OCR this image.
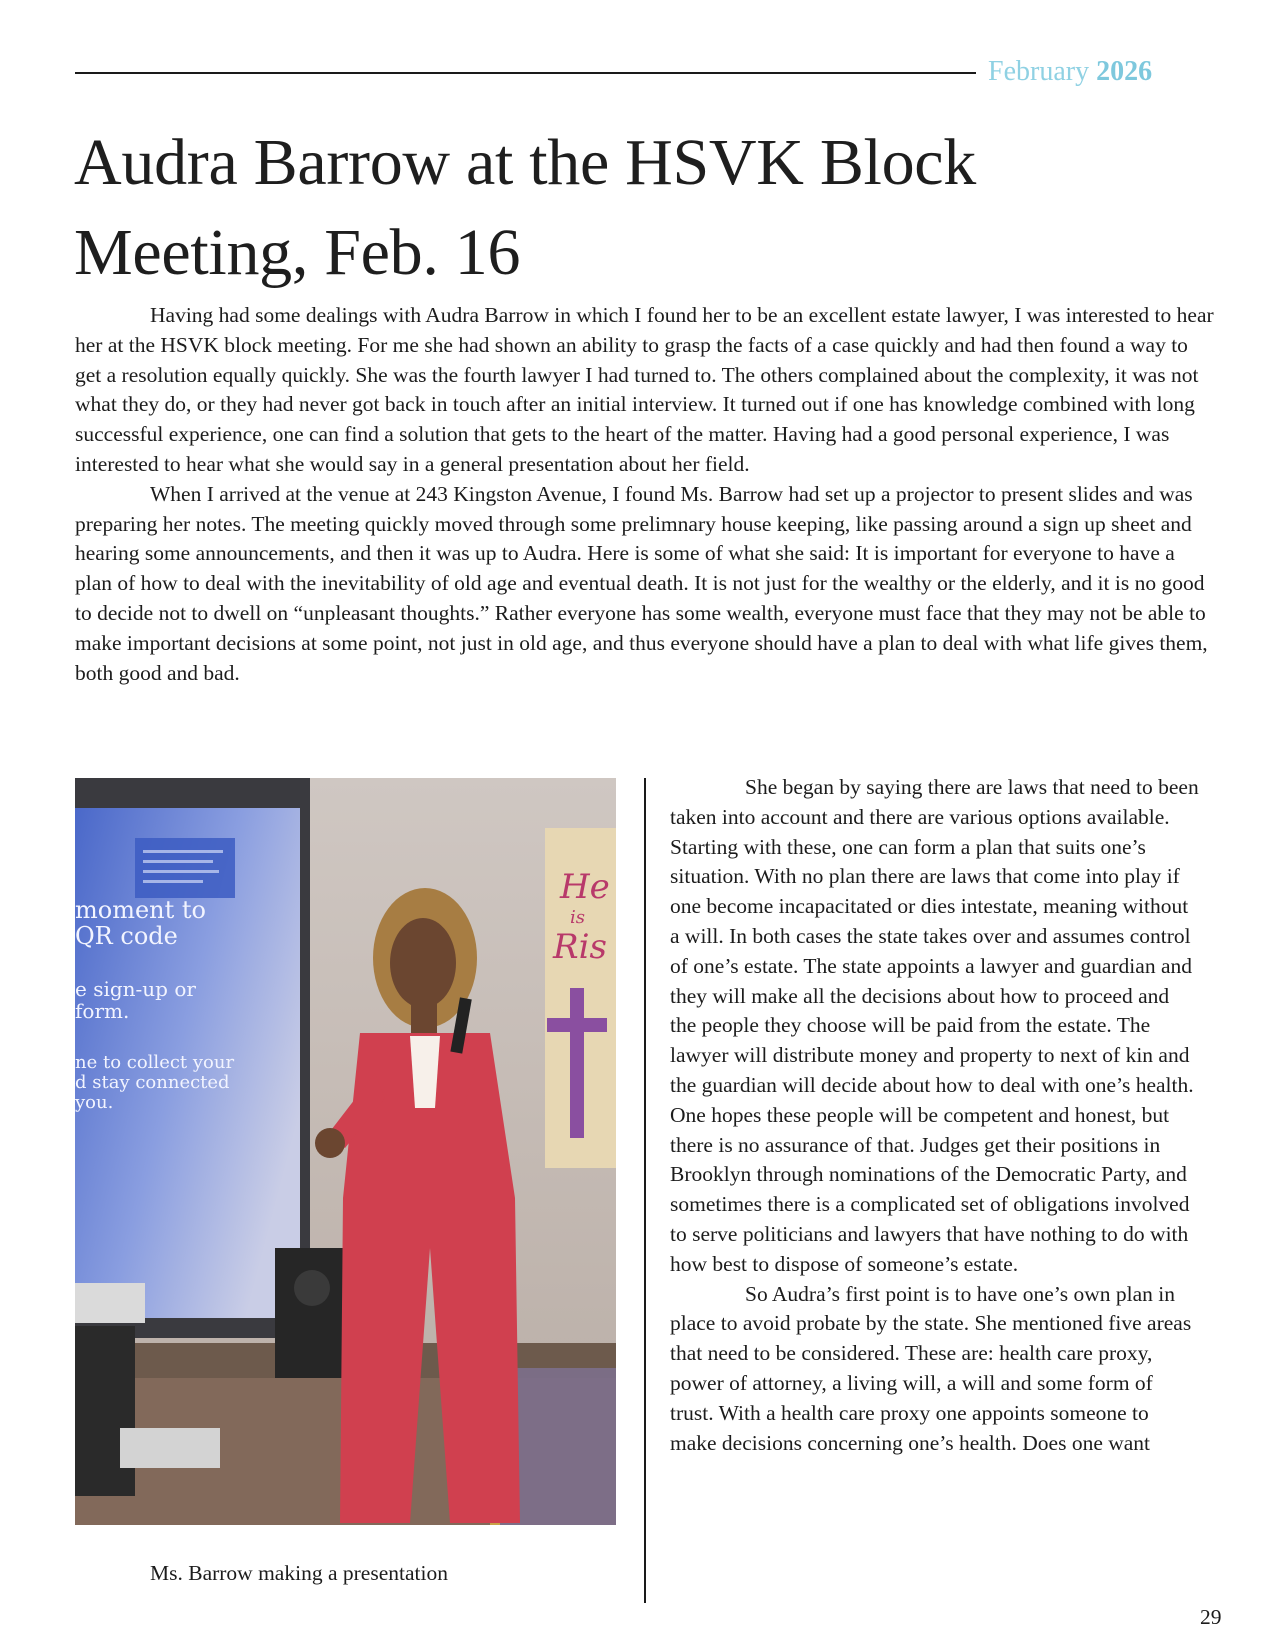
February 2026
Audra Barrow at the HSVK Block Meeting, Feb. 16

Having had some dealings with Audra Barrow in which I found her to be an excellent estate lawyer, I was interested to hear her at the HSVK block meeting. For me she had shown an ability to grasp the facts of a case quickly and had then found a way to get a resolution equally quickly. She was the fourth lawyer I had turned to. The others complained about the complexity, it was not what they do, or they had never got back in touch after an initial interview. It turned out if one has knowledge combined with long successful experience, one can find a solution that gets to the heart of the matter. Having had a good personal experience, I was interested to hear what she would say in a general presentation about her field.

When I arrived at the venue at 243 Kingston Avenue, I found Ms. Barrow had set up a projector to present slides and was preparing her notes. The meeting quickly moved through some prelimnary house keeping, like passing around a sign up sheet and hearing some announcements, and then it was up to Audra. Here is some of what she said: It is important for everyone to have a plan of how to deal with the inevitability of old age and eventual death. It is not just for the wealthy or the elderly, and it is no good to decide not to dwell on “unpleasant thoughts.” Rather everyone has some wealth, everyone must face that they may not be able to make important decisions at some point, not just in old age, and thus everyone should have a plan to deal with what life gives them, both good and bad.

moment to
QR code
e sign-up or
form.
ne to collect your
d stay connected
you.
He
is
Ris
Ms. Barrow making a presentation

She began by saying there are laws that need to been taken into account and there are various options available. Starting with these, one can form a plan that suits one’s situation. With no plan there are laws that come into play if one become incapacitated or dies intestate, meaning without a will. In both cases the state takes over and assumes control of one’s estate. The state appoints a lawyer and guardian and they will make all the decisions about how to proceed and the people they choose will be paid from the estate. The lawyer will distribute money and property to next of kin and the guardian will decide about how to deal with one’s health. One hopes these people will be competent and honest, but there is no assurance of that. Judges get their positions in Brooklyn through nominations of the Democratic Party, and sometimes there is a complicated set of obligations involved to serve politicians and lawyers that have nothing to do with how best to dispose of someone’s estate.

So Audra’s first point is to have one’s own plan in place to avoid probate by the state. She mentioned five areas that need to be considered. These are: health care proxy, power of attorney, a living will, a will and some form of trust. With a health care proxy one appoints someone to make decisions concerning one’s health. Does one want

29
